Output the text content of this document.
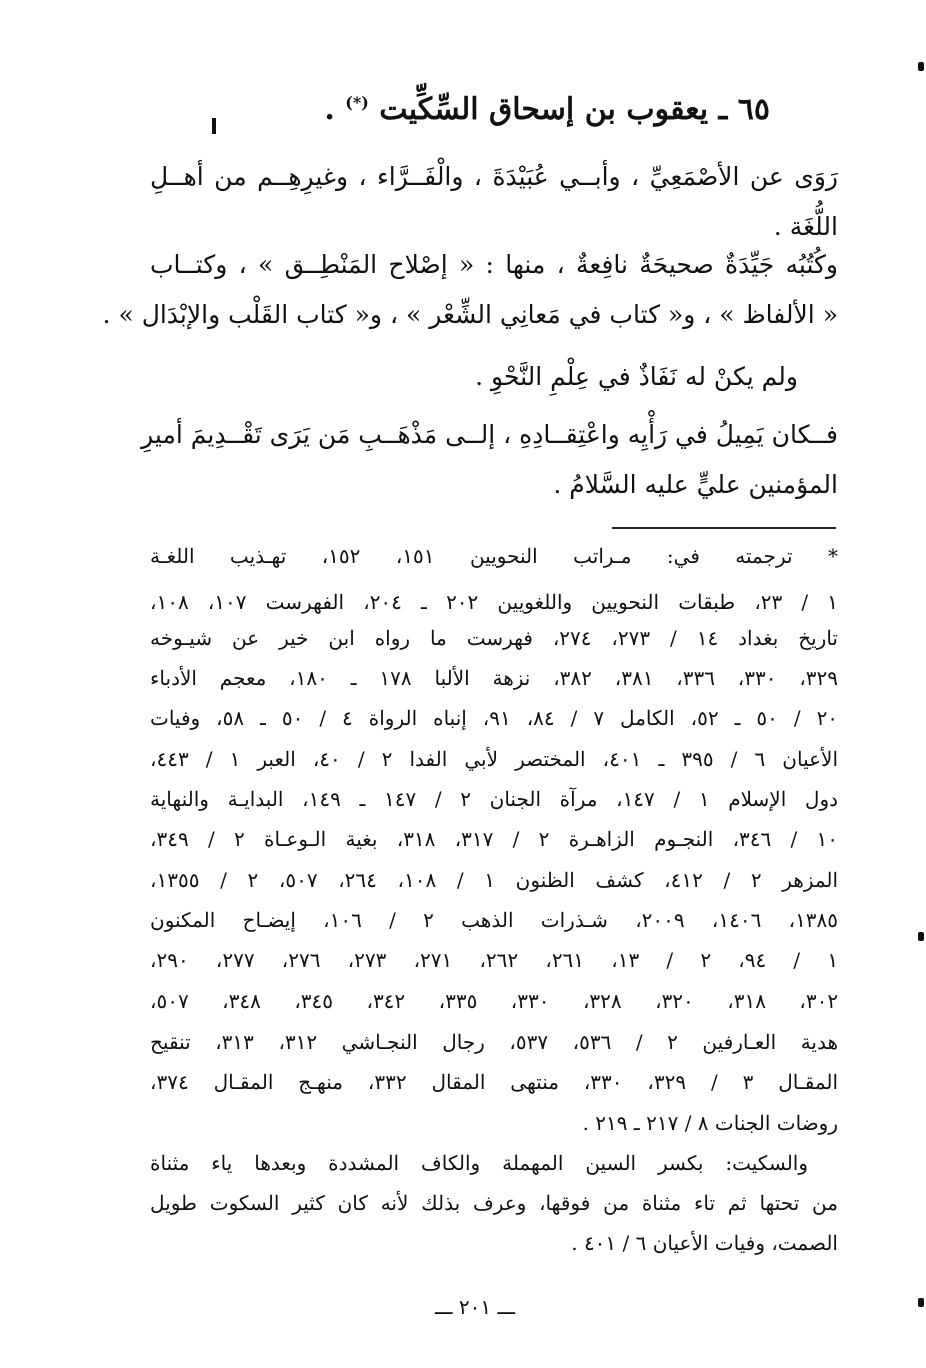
٦٥ ـ يعقوب بن إسحاق السِّكِّيت (*) .
رَوَى عن الأصْمَعِيِّ ، وأبــي عُبَيْدَةَ ، والْفَــرَّاء ، وغيرِهِــم من أهــلِ
اللُّغَة .
وكُتُبُه جَيِّدَةٌ صحيحَةٌ نافِعةٌ ، منها : « إصْلاح المَنْطِــق » ، وكتــاب
« الألفاظ » ، و« كتاب في مَعانِي الشِّعْر » ، و« كتاب القَلْب والإبْدَال » .
ولم يكنْ له نَفَاذٌ في عِلْمِ النَّحْوِ .
فــكان يَمِيلُ في رَأْيِه واعْتِقــادِهِ ، إلــى مَذْهَــبِ مَن يَرَى تَقْــدِيمَ أميرِ
المؤمنين عليٍّ عليه السَّلامُ .
* ترجمته في: مـراتب النحويين ١٥١، ١٥٢، تهـذيب اللغـة
١ / ٢٣، طبقات النحويين واللغويين ٢٠٢ ـ ٢٠٤، الفهرست ١٠٧، ١٠٨،
تاريخ بغداد ١٤ / ٢٧٣، ٢٧٤، فهرست ما رواه ابن خير عن شيـوخه
٣٢٩، ٣٣٠، ٣٣٦، ٣٨١، ٣٨٢، نزهة الألبا ١٧٨ ـ ١٨٠، معجم الأدباء
٢٠ / ٥٠ ـ ٥٢، الكامل ٧ / ٨٤، ٩١، إنباه الرواة ٤ / ٥٠ ـ ٥٨، وفيات
الأعيان ٦ / ٣٩٥ ـ ٤٠١، المختصر لأبي الفدا ٢ / ٤٠، العبر ١ / ٤٤٣،
دول الإسلام ١ / ١٤٧، مرآة الجنان ٢ / ١٤٧ ـ ١٤٩، البدايـة والنهاية
١٠ / ٣٤٦، النجـوم الزاهـرة ٢ / ٣١٧، ٣١٨، بغية الـوعـاة ٢ / ٣٤٩،
المزهر ٢ / ٤١٢، كشف الظنون ١ / ١٠٨، ٢٦٤، ٥٠٧، ٢ / ١٣٥٥،
١٣٨٥، ١٤٠٦، ٢٠٠٩، شـذرات الذهب ٢ / ١٠٦، إيضـاح المكنون
١ / ٩٤، ٢ / ١٣، ٢٦١، ٢٦٢، ٢٧١، ٢٧٣، ٢٧٦، ٢٧٧، ٢٩٠،
٣٠٢، ٣١٨، ٣٢٠، ٣٢٨، ٣٣٠، ٣٣٥، ٣٤٢، ٣٤٥، ٣٤٨، ٥٠٧،
هدية العـارفين ٢ / ٥٣٦، ٥٣٧، رجال النجـاشي ٣١٢، ٣١٣، تنقيح
المقـال ٣ / ٣٢٩، ٣٣٠، منتهى المقال ٣٣٢، منهـج المقـال ٣٧٤،
روضات الجنات ٨ / ٢١٧ ـ ٢١٩ .
والسكيت: بكسر السين المهملة والكاف المشددة وبعدها ياء مثناة
من تحتها ثم تاء مثناة من فوقها، وعرف بذلك لأنه كان كثير السكوت طويل
الصمت، وفيات الأعيان ٦ / ٤٠١ .
ـــ ٢٠١ ـــ
